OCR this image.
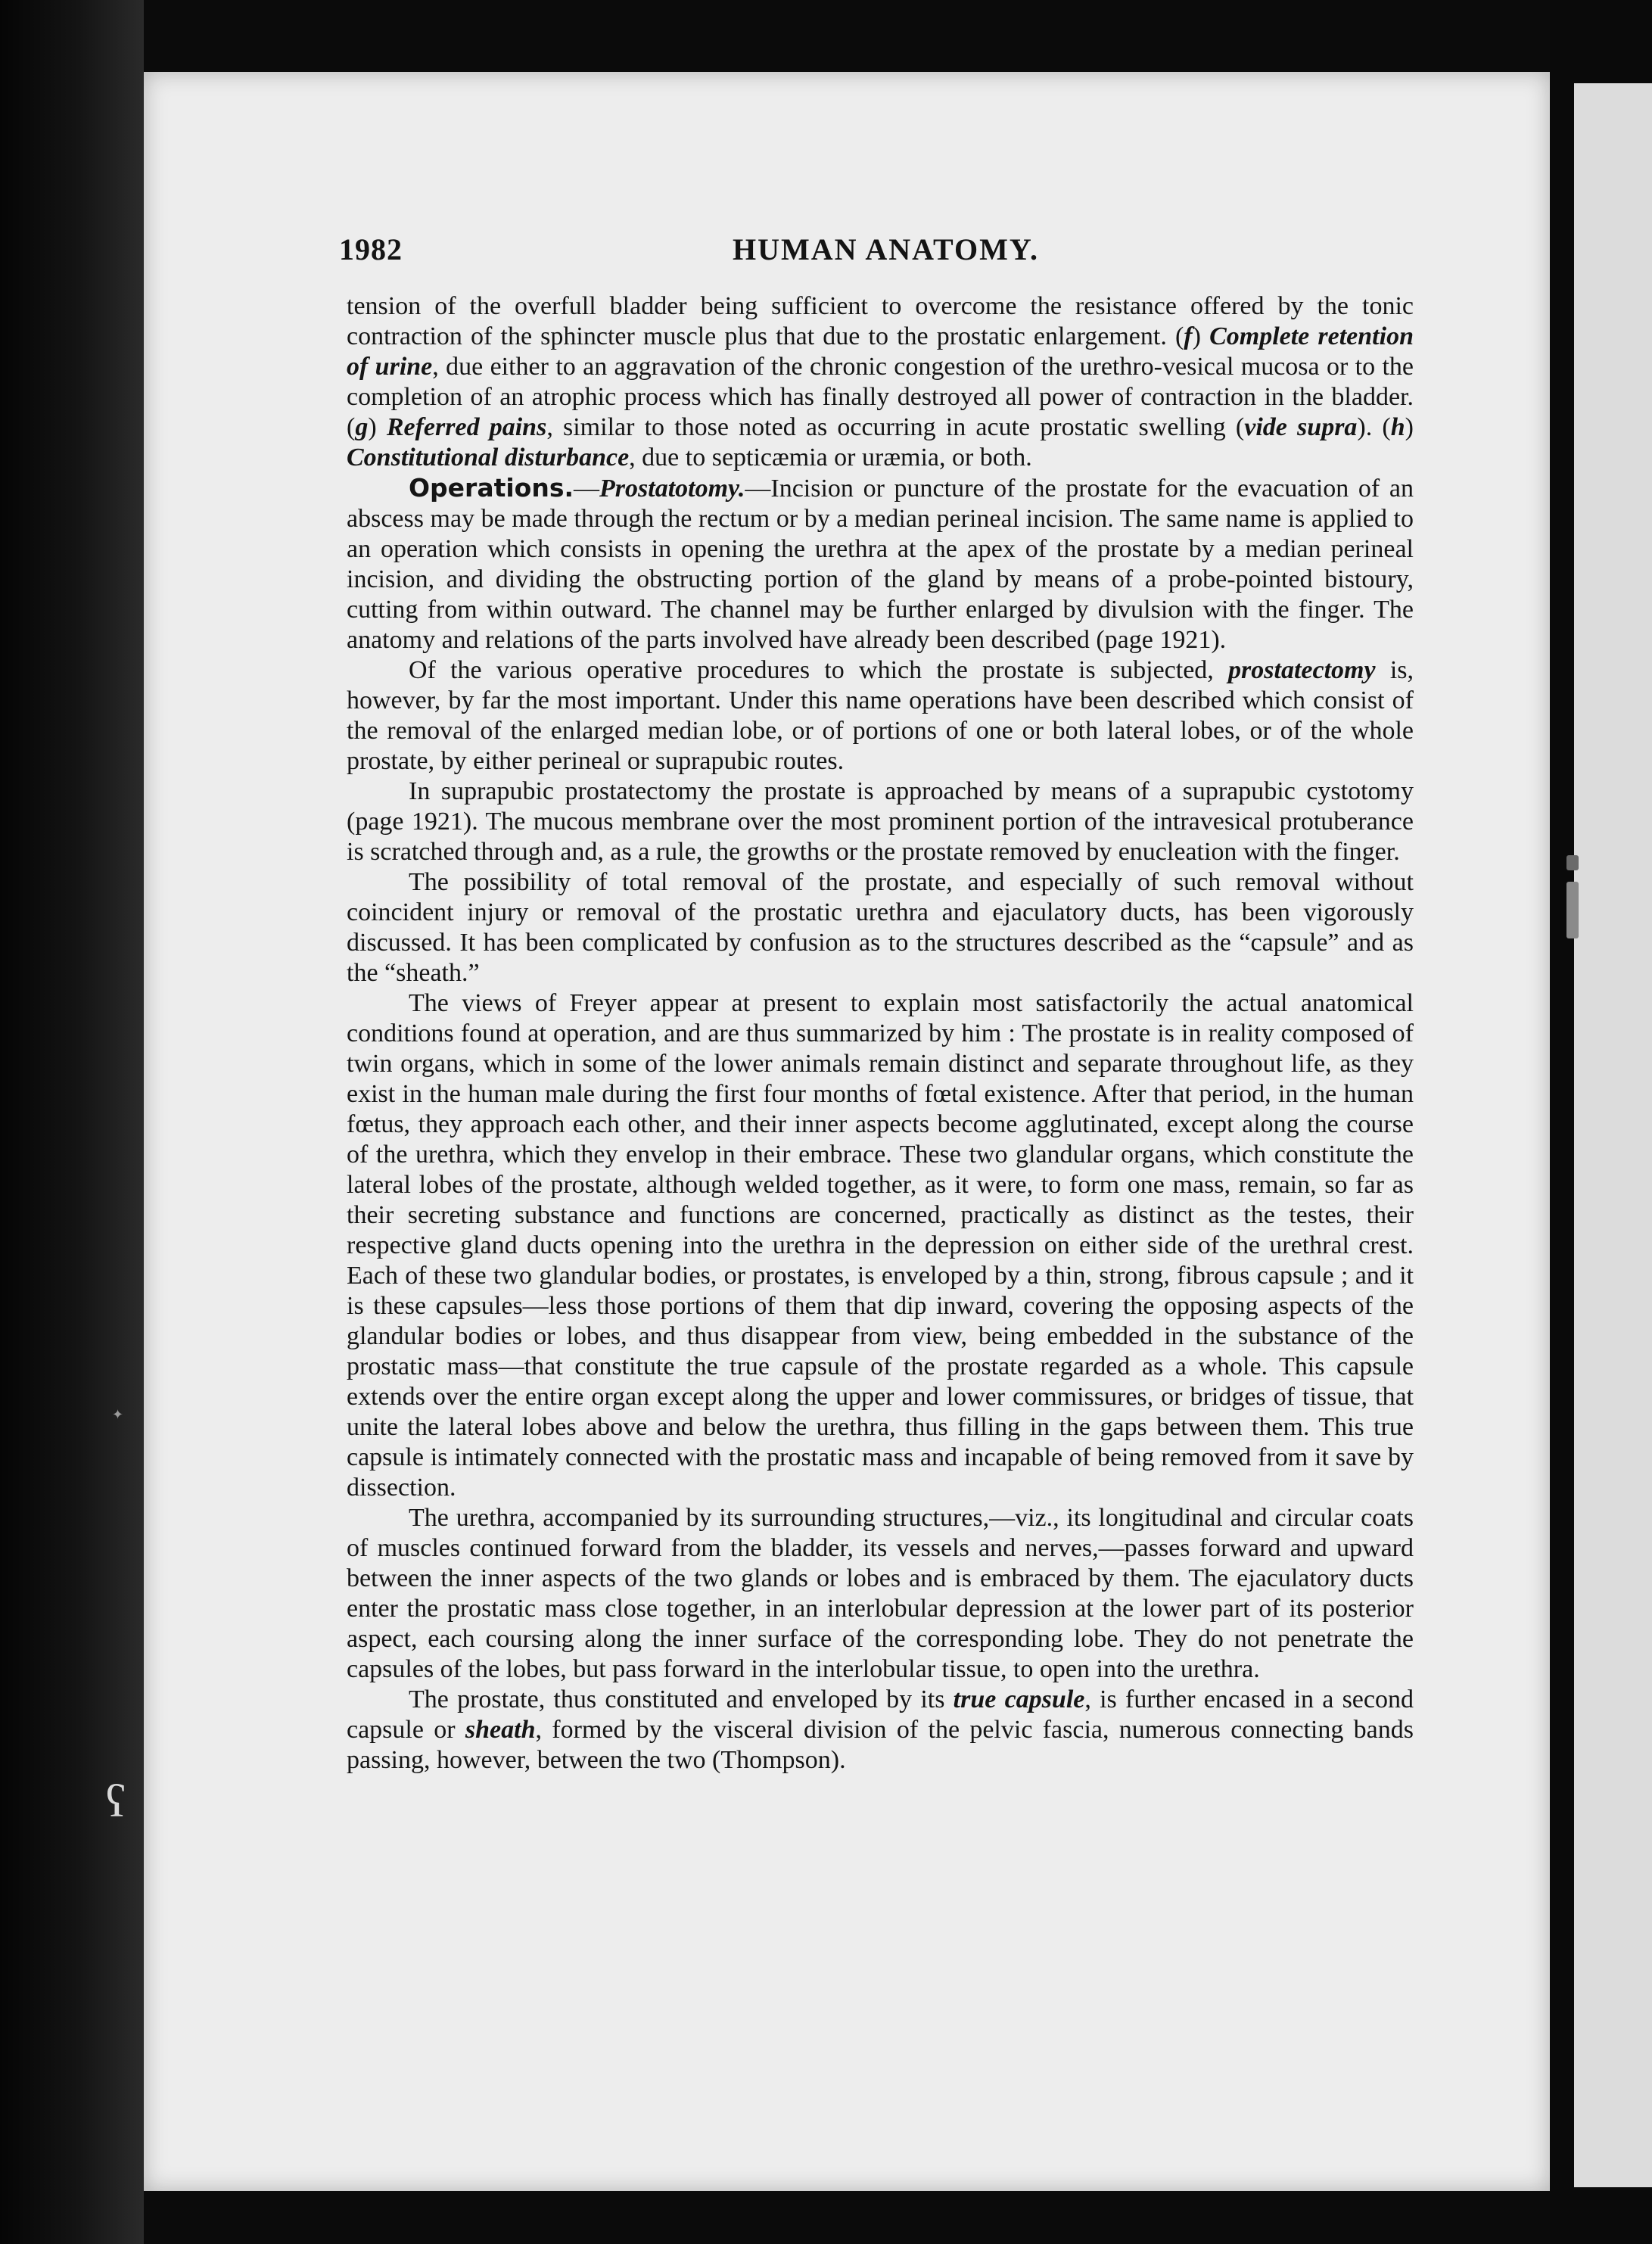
✦
ʕ
1982	HUMAN ANATOMY.

tension of the overfull bladder being sufficient to overcome the resistance offered by the tonic contraction of the sphincter muscle plus that due to the prostatic enlargement. (f) Complete retention of urine, due either to an aggravation of the chronic congestion of the urethro-vesical mucosa or to the completion of an atrophic process which has finally destroyed all power of contraction in the bladder. (g) Referred pains, similar to those noted as occurring in acute prostatic swelling (vide supra). (h) Constitutional disturbance, due to septicæmia or uræmia, or both.

Operations.—Prostatotomy.—Incision or puncture of the prostate for the evacuation of an abscess may be made through the rectum or by a median perineal incision. The same name is applied to an operation which consists in opening the urethra at the apex of the prostate by a median perineal incision, and dividing the obstructing portion of the gland by means of a probe-pointed bistoury, cutting from within outward. The channel may be further enlarged by divulsion with the finger. The anatomy and relations of the parts involved have already been described (page 1921).

Of the various operative procedures to which the prostate is subjected, prostatectomy is, however, by far the most important. Under this name operations have been described which consist of the removal of the enlarged median lobe, or of portions of one or both lateral lobes, or of the whole prostate, by either perineal or suprapubic routes.

In suprapubic prostatectomy the prostate is approached by means of a suprapubic cystotomy (page 1921). The mucous membrane over the most prominent portion of the intravesical protuberance is scratched through and, as a rule, the growths or the prostate removed by enucleation with the finger.

The possibility of total removal of the prostate, and especially of such removal without coincident injury or removal of the prostatic urethra and ejaculatory ducts, has been vigorously discussed. It has been complicated by confusion as to the structures described as the “capsule” and as the “sheath.”

The views of Freyer appear at present to explain most satisfactorily the actual anatomical conditions found at operation, and are thus summarized by him : The prostate is in reality composed of twin organs, which in some of the lower animals remain distinct and separate throughout life, as they exist in the human male during the first four months of fœtal existence. After that period, in the human fœtus, they approach each other, and their inner aspects become agglutinated, except along the course of the urethra, which they envelop in their embrace. These two glandular organs, which constitute the lateral lobes of the prostate, although welded together, as it were, to form one mass, remain, so far as their secreting substance and functions are concerned, practically as distinct as the testes, their respective gland ducts opening into the urethra in the depression on either side of the urethral crest. Each of these two glandular bodies, or prostates, is enveloped by a thin, strong, fibrous capsule ; and it is these capsules—less those portions of them that dip inward, covering the opposing aspects of the glandular bodies or lobes, and thus disappear from view, being embedded in the substance of the prostatic mass—that constitute the true capsule of the prostate regarded as a whole. This capsule extends over the entire organ except along the upper and lower commissures, or bridges of tissue, that unite the lateral lobes above and below the urethra, thus filling in the gaps between them. This true capsule is intimately connected with the prostatic mass and incapable of being removed from it save by dissection.

The urethra, accompanied by its surrounding structures,—viz., its longitudinal and circular coats of muscles continued forward from the bladder, its vessels and nerves,—passes forward and upward between the inner aspects of the two glands or lobes and is embraced by them. The ejaculatory ducts enter the prostatic mass close together, in an interlobular depression at the lower part of its posterior aspect, each coursing along the inner surface of the corresponding lobe. They do not penetrate the capsules of the lobes, but pass forward in the interlobular tissue, to open into the urethra.

The prostate, thus constituted and enveloped by its true capsule, is further encased in a second capsule or sheath, formed by the visceral division of the pelvic fascia, numerous connecting bands passing, however, between the two (Thompson).
